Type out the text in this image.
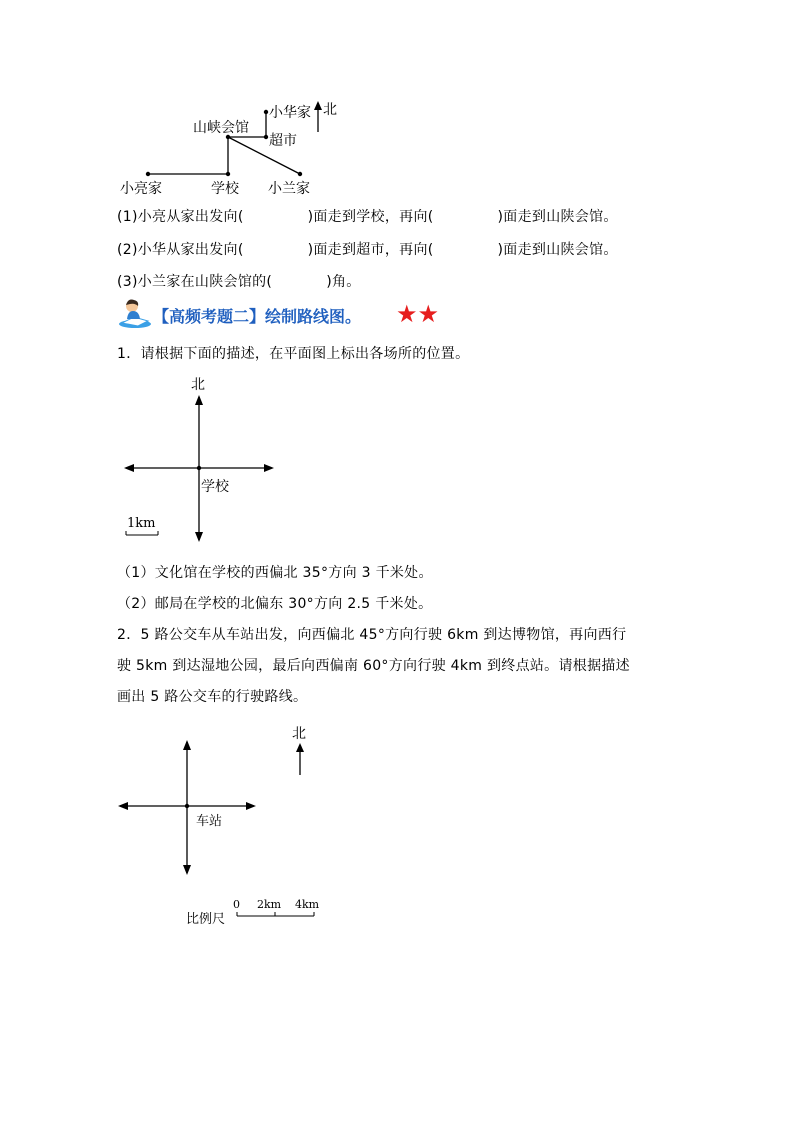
山峡会馆
小华家 北
超市
小亮家	学校 小兰家
(1)小亮从家出发向(	)面走到学校，再向(	)面走到山陕会馆。
(2)小华从家出发向(	)面走到超市，再向(	)面走到山陕会馆。
(3)小兰家在山陕会馆的(	)角。
【高频考题二】绘制路线图。 ★★
1．请根据下面的描述，在平面图上标出各场所的位置。
北
学校
1km
（1）文化馆在学校的西偏北 35°方向 3 千米处。
（2）邮局在学校的北偏东 30°方向 2.5 千米处。
2．5 路公交车从车站出发，向西偏北 45°方向行驶 6km 到达博物馆，再向西行
驶 5km 到达湿地公园，最后向西偏南 60°方向行驶 4km 到终点站。请根据描述
画出 5 路公交车的行驶路线。
北
车站
比例尺
0 2km 4km
